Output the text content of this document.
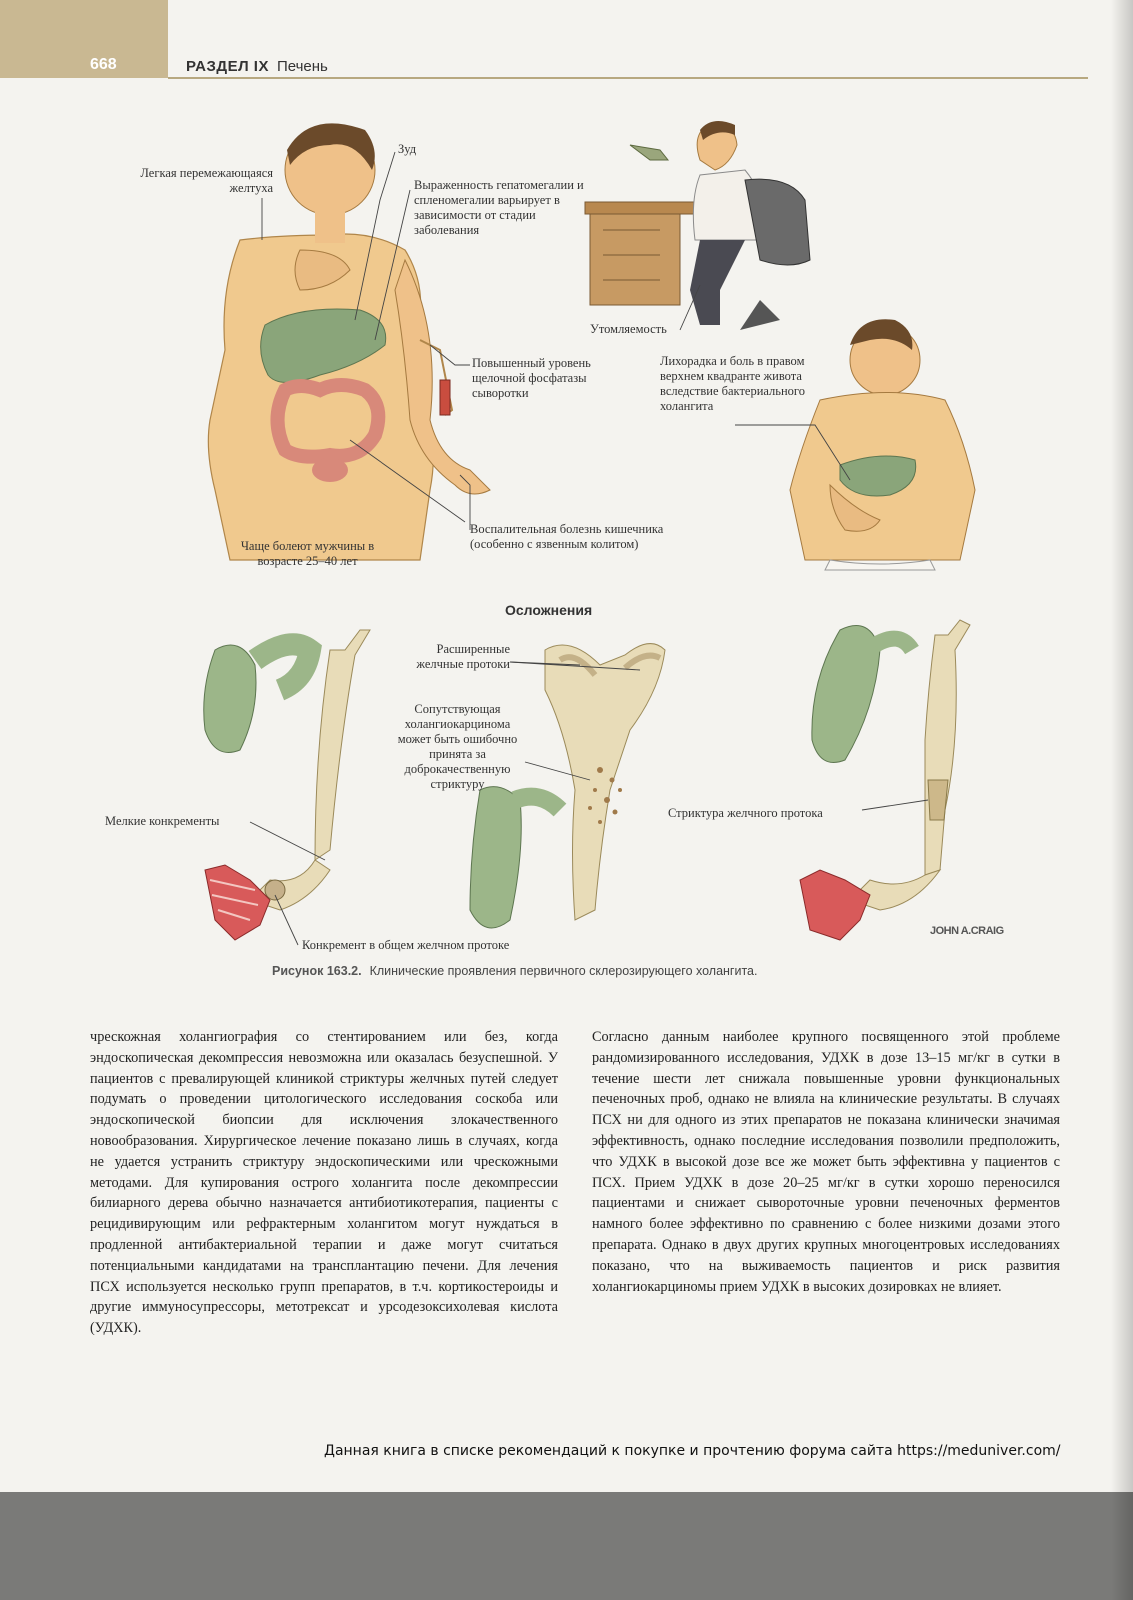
668	РАЗДЕЛ IX Печень
Легкая перемежающаяся желтуха
Зуд
Выраженность гепатомегалии и спленомегалии варьирует в зависимости от стадии заболевания
Утомляемость
Повышенный уровень щелочной фосфатазы сыворотки
Лихорадка и боль в правом верхнем квадранте живота вследствие бактериального холангита
Воспалительная болезнь кишечника (особенно с язвенным колитом)
Чаще болеют мужчины в возрасте 25–40 лет
Осложнения
Расширенные желчные протоки
Сопутствующая холангиокарцинома может быть ошибочно принята за доброкачественную стриктуру
Мелкие конкременты
Стриктура желчного протока
Конкремент в общем желчном протоке
JOHN A.CRAIG
Рисунок 163.2. Клинические проявления первичного склерозирующего холангита.

чрескожная холангиография со стентированием или без, когда эндоскопическая декомпрессия невозможна или оказалась безуспешной. У пациентов с превалирующей клиникой стриктуры желчных путей следует подумать о проведении цитологического исследования соскоба или эндоскопической биопсии для исключения злокачественного новообразования. Хирургическое лечение показано лишь в случаях, когда не удается устранить стриктуру эндоскопическими или чрескожными методами. Для купирования острого холангита после декомпрессии билиарного дерева обычно назначается антибиотикотерапия, пациенты с рецидивирующим или рефрактерным холангитом могут нуждаться в продленной антибактериальной терапии и даже могут считаться потенциальными кандидатами на трансплантацию печени. Для лечения ПСХ используется несколько групп препаратов, в т.ч. кортикостероиды и другие иммуносупрессоры, метотрексат и урсодезоксихолевая кислота (УДХК).

Согласно данным наиболее крупного посвященного этой проблеме рандомизированного исследования, УДХК в дозе 13–15 мг/кг в сутки в течение шести лет снижала повышенные уровни функциональных печеночных проб, однако не влияла на клинические результаты. В случаях ПСХ ни для одного из этих препаратов не показана клинически значимая эффективность, однако последние исследования позволили предположить, что УДХК в высокой дозе все же может быть эффективна у пациентов с ПСХ. Прием УДХК в дозе 20–25 мг/кг в сутки хорошо переносился пациентами и снижает сывороточные уровни печеночных ферментов намного более эффективно по сравнению с более низкими дозами этого препарата. Однако в двух других крупных многоцентровых исследованиях показано, что на выживаемость пациентов и риск развития холангиокарциномы прием УДХК в высоких дозировках не влияет.

Данная книга в списке рекомендаций к покупке и прочтению форума сайта https://meduniver.com/
